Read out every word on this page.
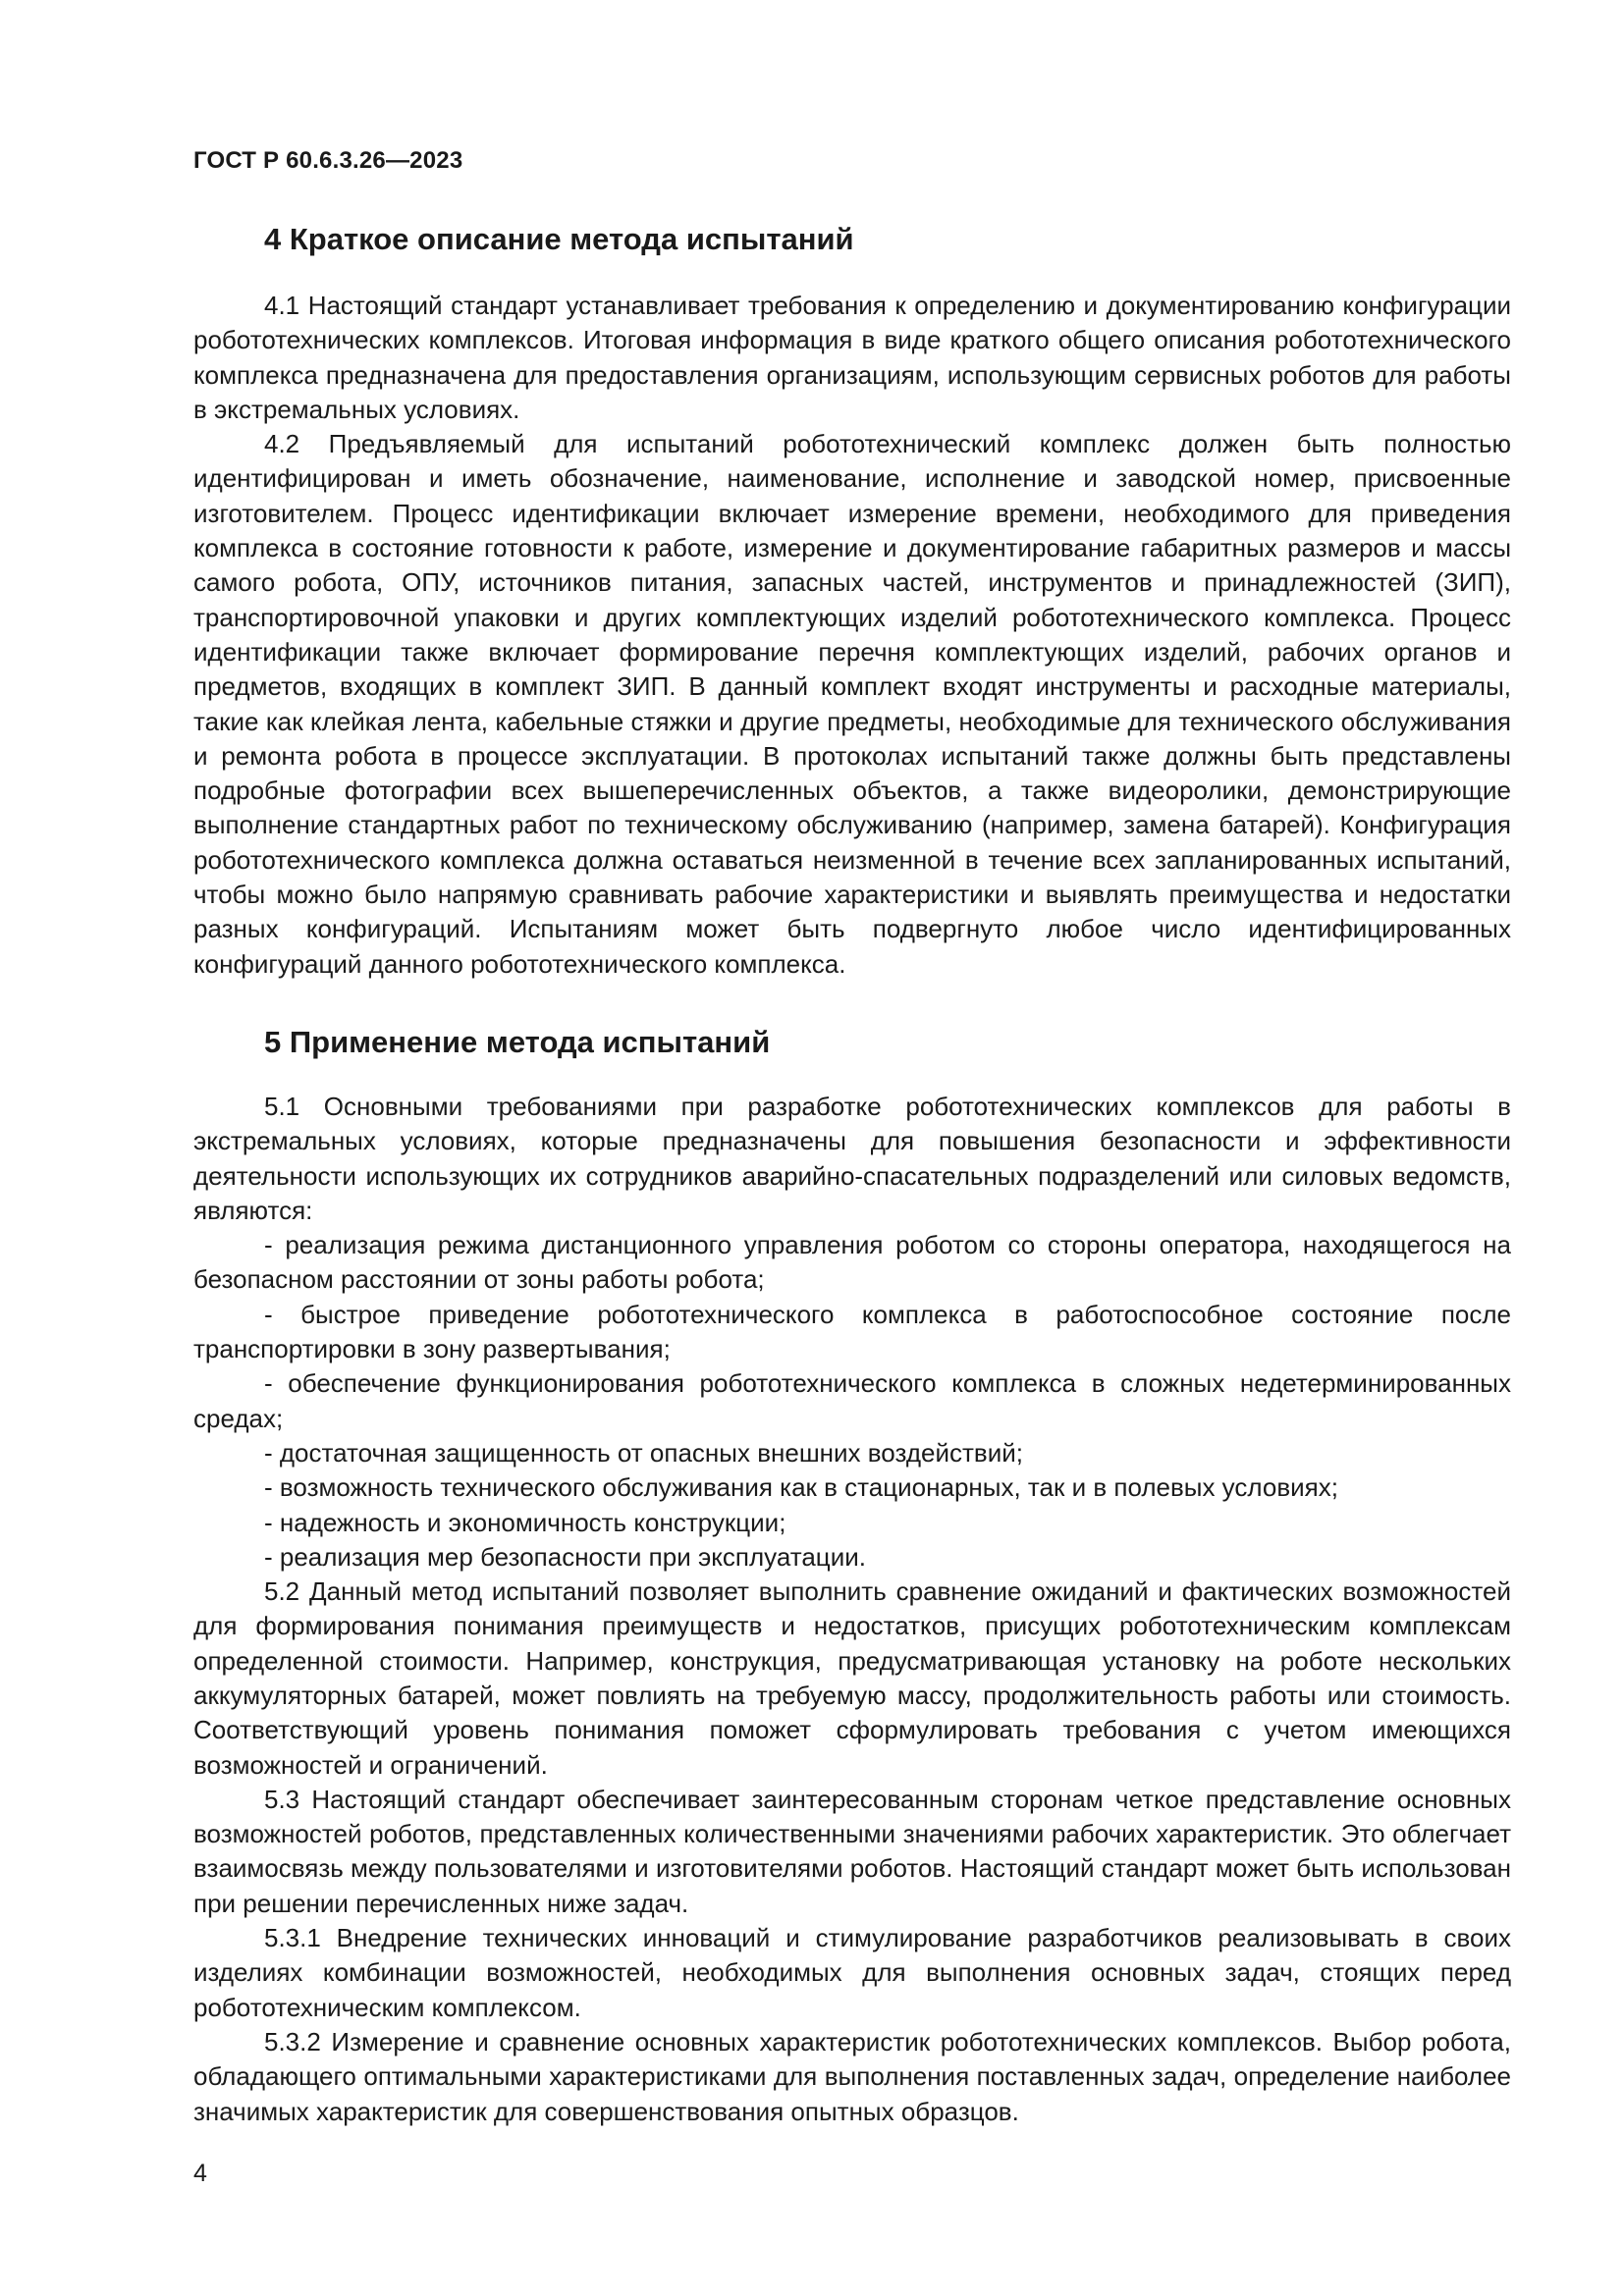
ГОСТ Р 60.6.3.26—2023
4 Краткое описание метода испытаний

4.1 Настоящий стандарт устанавливает требования к определению и документированию конфигурации робототехнических комплексов. Итоговая информация в виде краткого общего описания робототехнического комплекса предназначена для предоставления организациям, использующим сервисных роботов для работы в экстремальных условиях.

4.2 Предъявляемый для испытаний робототехнический комплекс должен быть полностью идентифицирован и иметь обозначение, наименование, исполнение и заводской номер, присвоенные изготовителем. Процесс идентификации включает измерение времени, необходимого для приведения комплекса в состояние готовности к работе, измерение и документирование габаритных размеров и массы самого робота, ОПУ, источников питания, запасных частей, инструментов и принадлежностей (ЗИП), транспортировочной упаковки и других комплектующих изделий робототехнического комплекса. Процесс идентификации также включает формирование перечня комплектующих изделий, рабочих органов и предметов, входящих в комплект ЗИП. В данный комплект входят инструменты и расходные материалы, такие как клейкая лента, кабельные стяжки и другие предметы, необходимые для технического обслуживания и ремонта робота в процессе эксплуатации. В протоколах испытаний также должны быть представлены подробные фотографии всех вышеперечисленных объектов, а также видеоролики, демонстрирующие выполнение стандартных работ по техническому обслуживанию (например, замена батарей). Конфигурация робототехнического комплекса должна оставаться неизменной в течение всех запланированных испытаний, чтобы можно было напрямую сравнивать рабочие характеристики и выявлять преимущества и недостатки разных конфигураций. Испытаниям может быть подвергнуто любое число идентифицированных конфигураций данного робототехнического комплекса.

5 Применение метода испытаний

5.1 Основными требованиями при разработке робототехнических комплексов для работы в экстремальных условиях, которые предназначены для повышения безопасности и эффективности деятельности использующих их сотрудников аварийно-спасательных подразделений или силовых ведомств, являются:

- реализация режима дистанционного управления роботом со стороны оператора, находящегося на безопасном расстоянии от зоны работы робота;

- быстрое приведение робототехнического комплекса в работоспособное состояние после транспортировки в зону развертывания;

- обеспечение функционирования робототехнического комплекса в сложных недетерминированных средах;

- достаточная защищенность от опасных внешних воздействий;

- возможность технического обслуживания как в стационарных, так и в полевых условиях;

- надежность и экономичность конструкции;

- реализация мер безопасности при эксплуатации.

5.2 Данный метод испытаний позволяет выполнить сравнение ожиданий и фактических возможностей для формирования понимания преимуществ и недостатков, присущих робототехническим комплексам определенной стоимости. Например, конструкция, предусматривающая установку на роботе нескольких аккумуляторных батарей, может повлиять на требуемую массу, продолжительность работы или стоимость. Соответствующий уровень понимания поможет сформулировать требования с учетом имеющихся возможностей и ограничений.

5.3 Настоящий стандарт обеспечивает заинтересованным сторонам четкое представление основных возможностей роботов, представленных количественными значениями рабочих характеристик. Это облегчает взаимосвязь между пользователями и изготовителями роботов. Настоящий стандарт может быть использован при решении перечисленных ниже задач.

5.3.1 Внедрение технических инноваций и стимулирование разработчиков реализовывать в своих изделиях комбинации возможностей, необходимых для выполнения основных задач, стоящих перед робототехническим комплексом.

5.3.2 Измерение и сравнение основных характеристик робототехнических комплексов. Выбор робота, обладающего оптимальными характеристиками для выполнения поставленных задач, определение наиболее значимых характеристик для совершенствования опытных образцов.

4
